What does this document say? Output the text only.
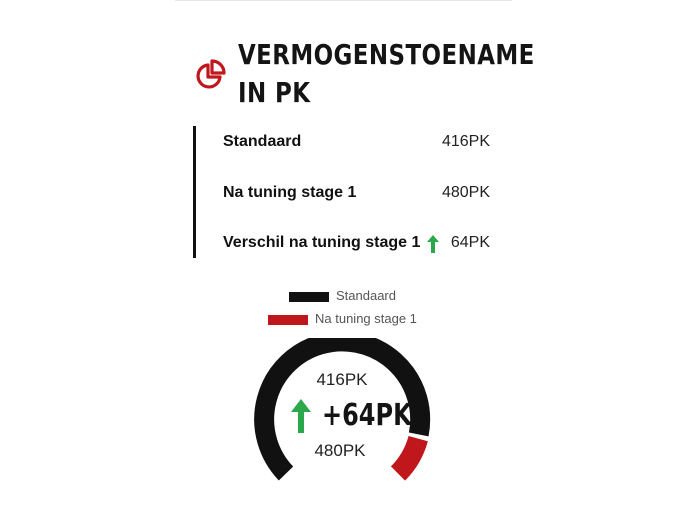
VERMOGENSTOENAME IN PK
Standaard	416PK
Na tuning stage 1	480PK
Verschil na tuning stage 1 64PK
Standaard
Na tuning stage 1
416PK
+64PK
480PK
